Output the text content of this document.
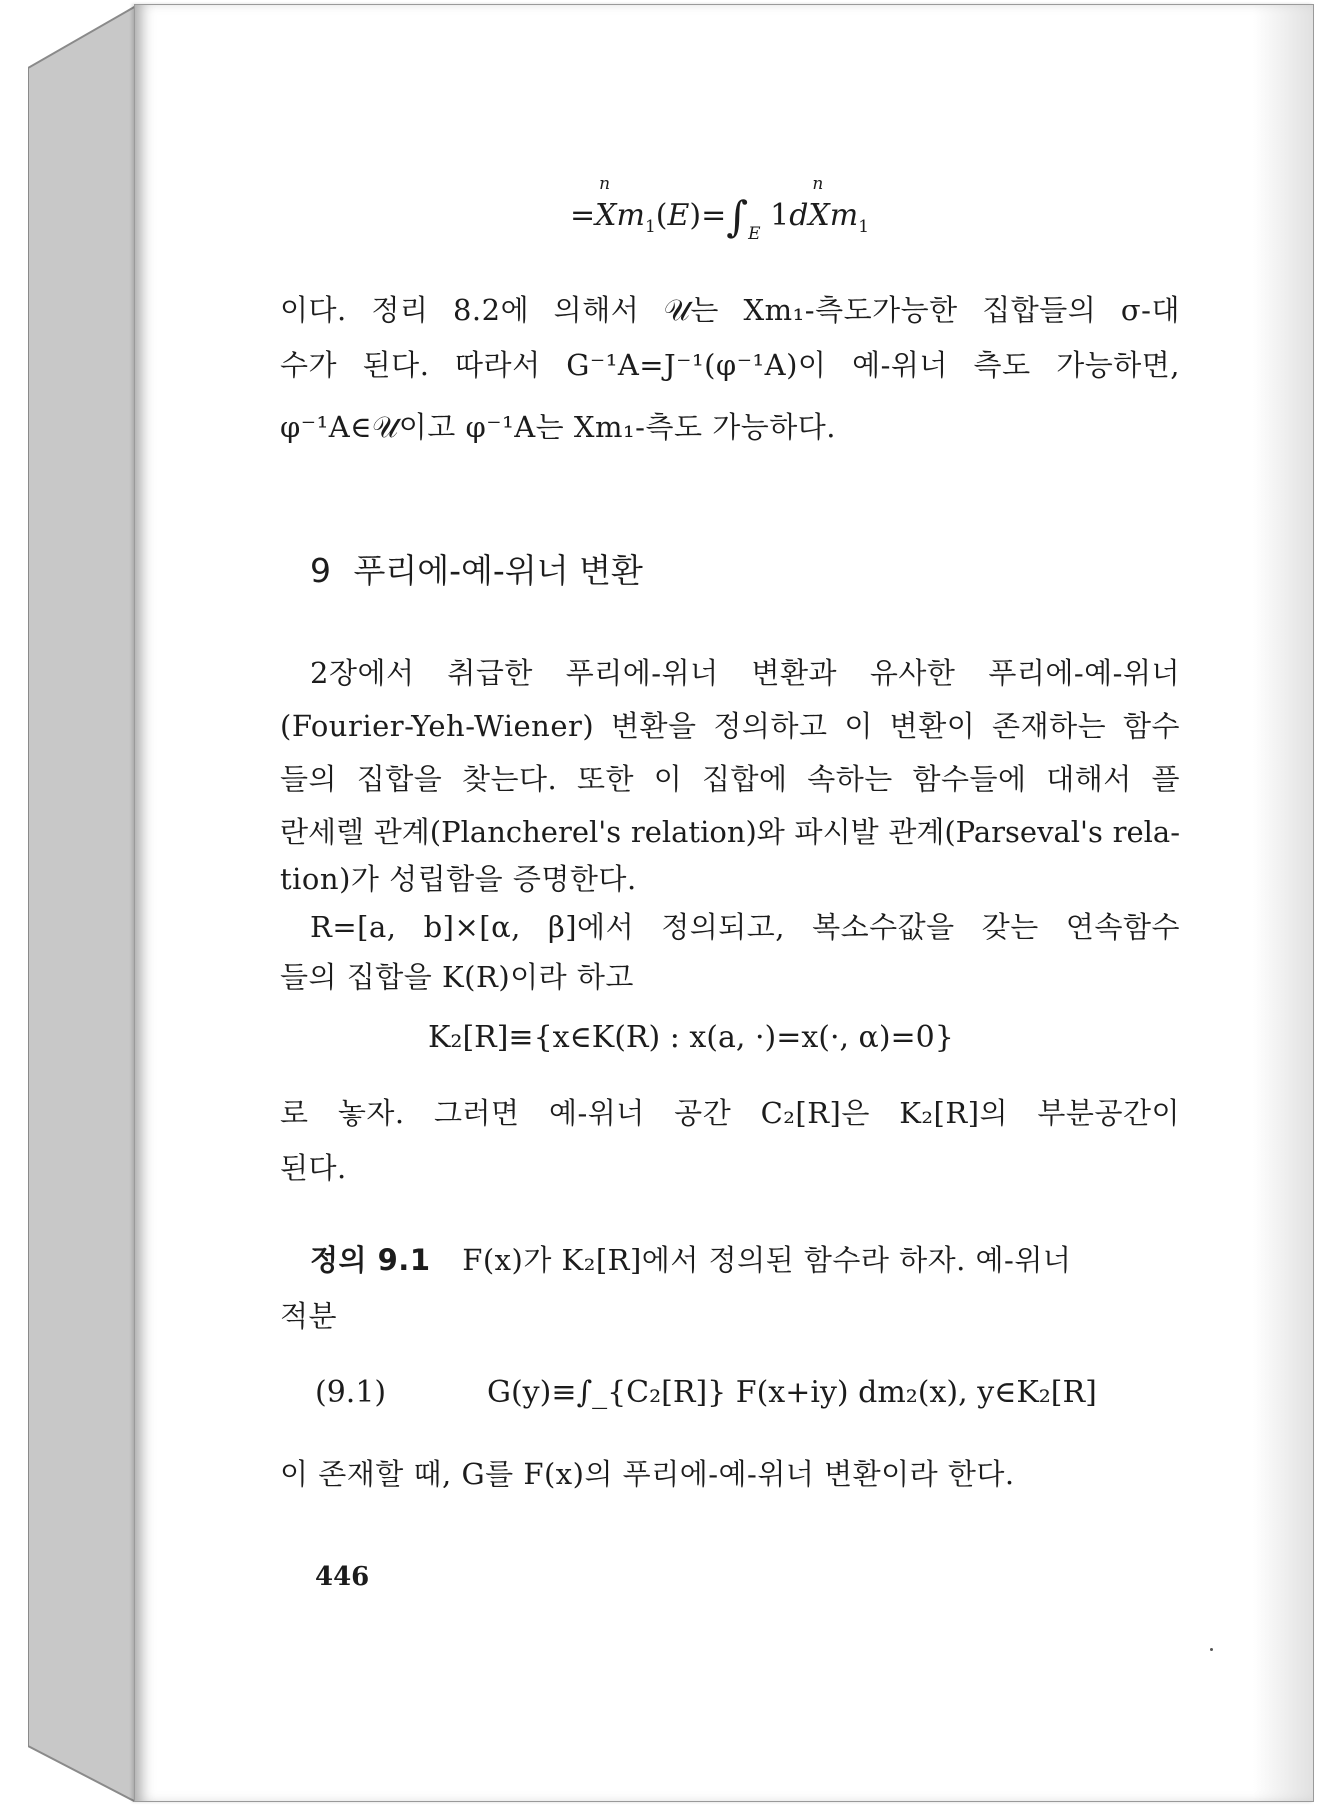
=
n
$Xm_1(E)=\int_E$ 1d
n
$Xm_1$
이다. 정리 8.2에 의해서 𝒰는 Xm₁-측도가능한 집합들의 σ-대
수가 된다. 따라서 G⁻¹A=J⁻¹(φ⁻¹A)이 예-위너 측도 가능하면,
φ⁻¹A∈𝒰이고 φ⁻¹A는 Xm₁-측도 가능하다.
9 푸리에-예-위너 변환
2장에서 취급한 푸리에-위너 변환과 유사한 푸리에-예-위너
(Fourier-Yeh-Wiener) 변환을 정의하고 이 변환이 존재하는 함수
들의 집합을 찾는다. 또한 이 집합에 속하는 함수들에 대해서 플
란세렐 관계(Plancherel's relation)와 파시발 관계(Parseval's rela-
tion)가 성립함을 증명한다.
R=[a, b]×[α, β]에서 정의되고, 복소수값을 갖는 연속함수
들의 집합을 K(R)이라 하고
K₂[R]≡{x∈K(R) : x(a, ·)=x(·, α)=0}
로 놓자. 그러면 예-위너 공간 C₂[R]은 K₂[R]의 부분공간이
된다.
정의 9.1 F(x)가 K₂[R]에서 정의된 함수라 하자. 예-위너
적분
(9.1)	G(y)≡∫_{C₂[R]} F(x+iy) dm₂(x), y∈K₂[R]
이 존재할 때, G를 F(x)의 푸리에-예-위너 변환이라 한다.
446
